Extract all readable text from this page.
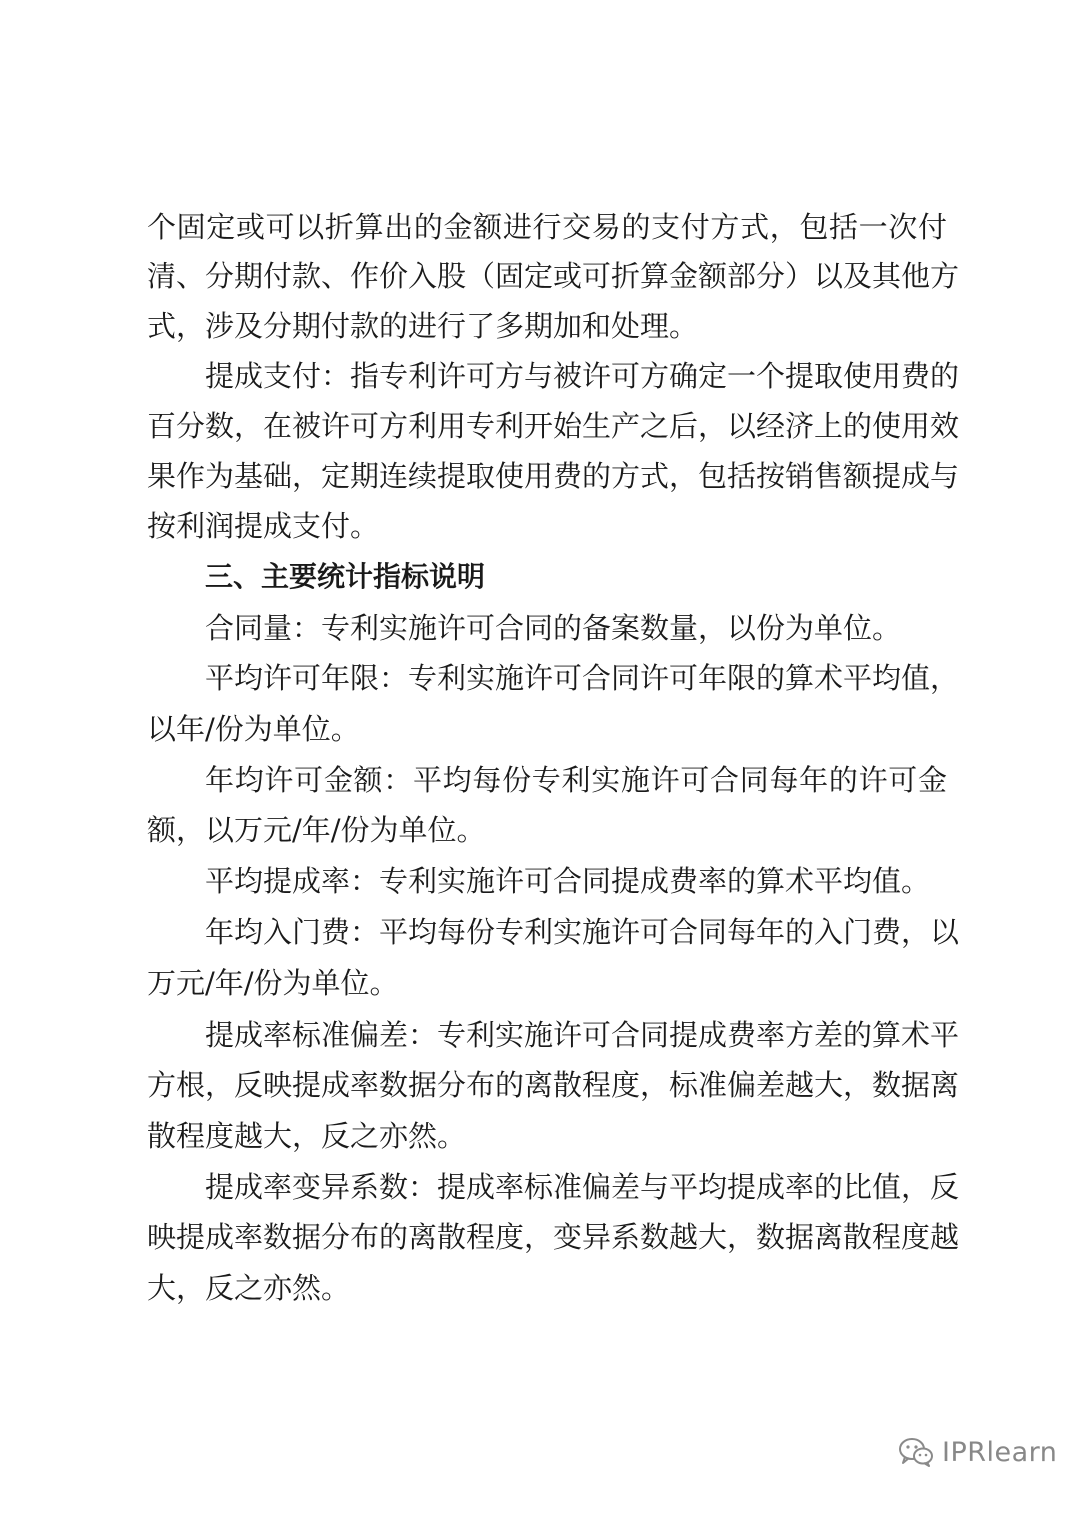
个固定或可以折算出的金额进行交易的支付方式，包括一次付
清、分期付款、作价入股（固定或可折算金额部分）以及其他方
式，涉及分期付款的进行了多期加和处理。
提成支付：指专利许可方与被许可方确定一个提取使用费的
百分数，在被许可方利用专利开始生产之后，以经济上的使用效
果作为基础，定期连续提取使用费的方式，包括按销售额提成与
按利润提成支付。
三、主要统计指标说明
合同量：专利实施许可合同的备案数量，以份为单位。
平均许可年限：专利实施许可合同许可年限的算术平均值，
以年/份为单位。
年均许可金额：平均每份专利实施许可合同每年的许可金
额，以万元/年/份为单位。
平均提成率：专利实施许可合同提成费率的算术平均值。
年均入门费：平均每份专利实施许可合同每年的入门费，以
万元/年/份为单位。
提成率标准偏差：专利实施许可合同提成费率方差的算术平
方根，反映提成率数据分布的离散程度，标准偏差越大，数据离
散程度越大，反之亦然。
提成率变异系数：提成率标准偏差与平均提成率的比值，反
映提成率数据分布的离散程度，变异系数越大，数据离散程度越
大，反之亦然。
IPRlearn
